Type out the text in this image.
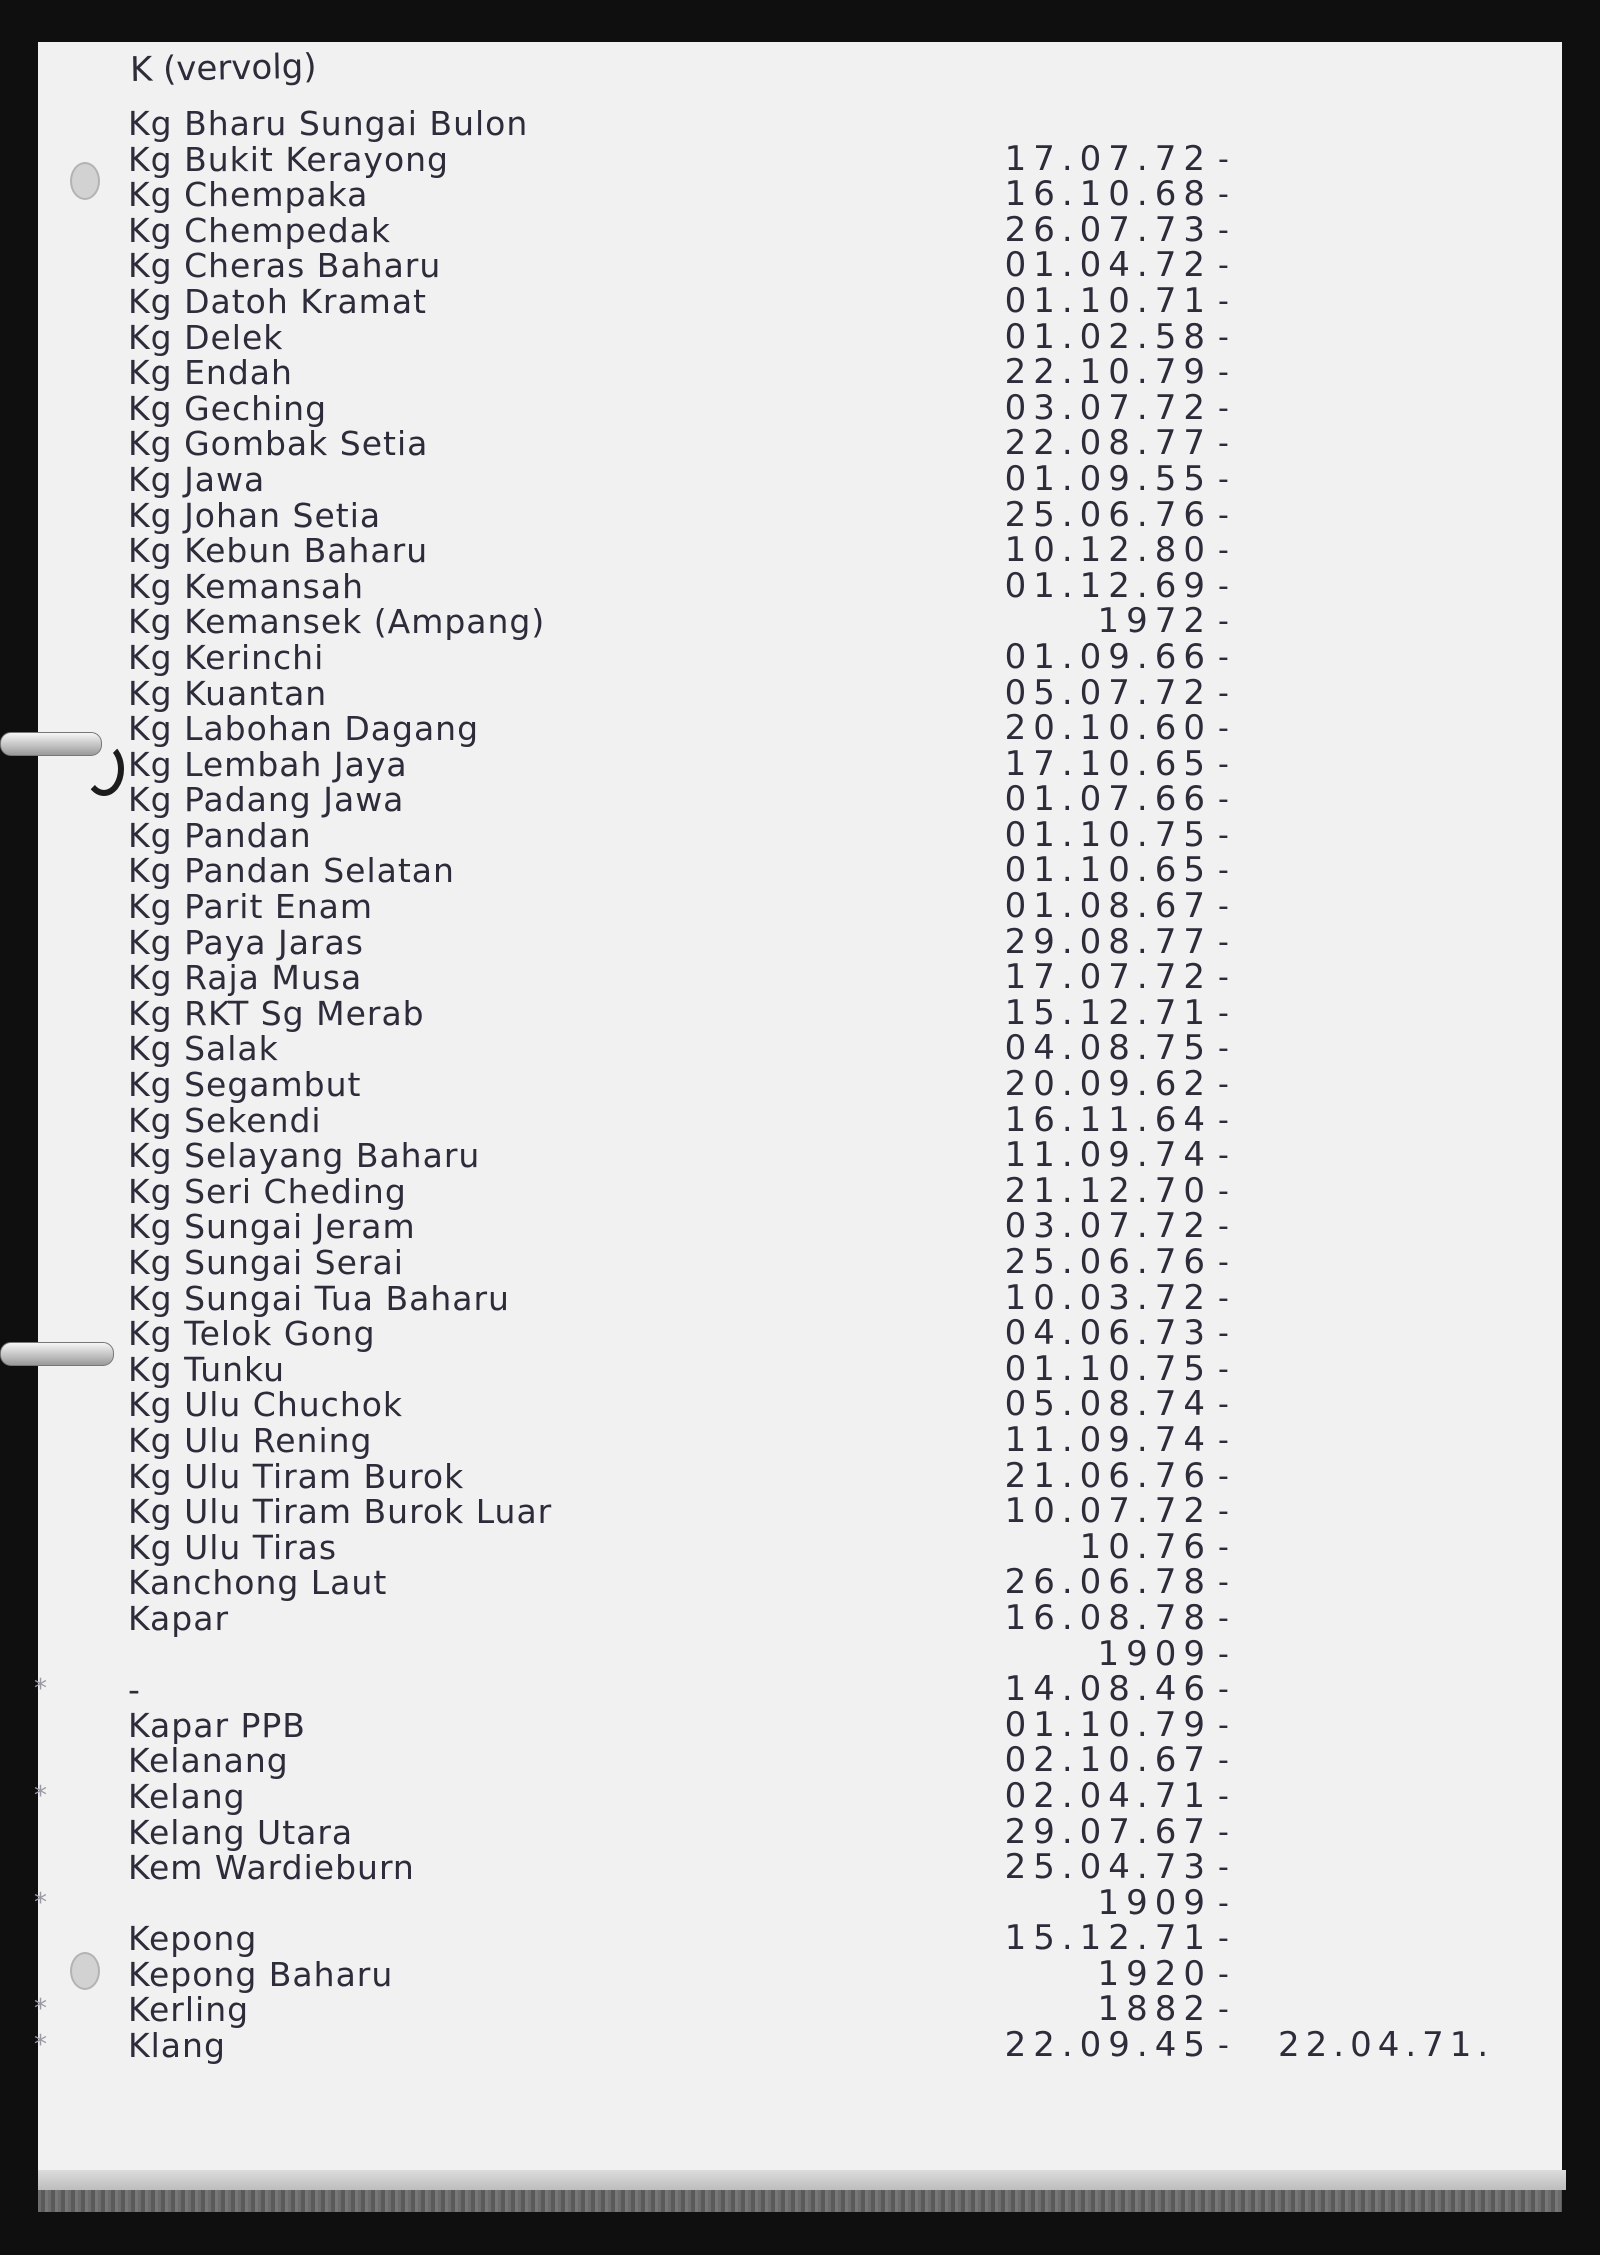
K (vervolg)
Kg Bharu Sungai Bulon
Kg Bukit Kerayong	17.07.72 -
Kg Chempaka	16.10.68 -
Kg Chempedak	26.07.73 -
Kg Cheras Baharu	01.04.72 -
Kg Datoh Kramat	01.10.71 -
Kg Delek	01.02.58 -
Kg Endah	22.10.79 -
Kg Geching	03.07.72 -
Kg Gombak Setia	22.08.77 -
Kg Jawa	01.09.55 -
Kg Johan Setia	25.06.76 -
Kg Kebun Baharu	10.12.80 -
Kg Kemansah	01.12.69 -
Kg Kemansek (Ampang)	1972 -
Kg Kerinchi	01.09.66 -
Kg Kuantan	05.07.72 -
Kg Labohan Dagang	20.10.60 -
Kg Lembah Jaya	17.10.65 -
Kg Padang Jawa	01.07.66 -
Kg Pandan	01.10.75 -
Kg Pandan Selatan	01.10.65 -
Kg Parit Enam	01.08.67 -
Kg Paya Jaras	29.08.77 -
Kg Raja Musa	17.07.72 -
Kg RKT Sg Merab	15.12.71 -
Kg Salak	04.08.75 -
Kg Segambut	20.09.62 -
Kg Sekendi	16.11.64 -
Kg Selayang Baharu	11.09.74 -
Kg Seri Cheding	21.12.70 -
Kg Sungai Jeram	03.07.72 -
Kg Sungai Serai	25.06.76 -
Kg Sungai Tua Baharu	10.03.72 -
Kg Telok Gong	04.06.73 -
Kg Tunku	01.10.75 -
Kg Ulu Chuchok	05.08.74 -
Kg Ulu Rening	11.09.74 -
Kg Ulu Tiram Burok	21.06.76 -
Kg Ulu Tiram Burok Luar	10.07.72 -
Kg Ulu Tiras	10.76 -
Kanchong Laut	26.06.78 -
Kapar	16.08.78 -
1909 -
* -	14.08.46 -
Kapar PPB	01.10.79 -
Kelanang	02.10.67 -
* Kelang	02.04.71 -
Kelang Utara	29.07.67 -
Kem Wardieburn	25.04.73 -
*	1909 -
Kepong	15.12.71 -
Kepong Baharu	1920 -
* Kerling	1882 -
* Klang	22.09.45 - 22.04.71.
